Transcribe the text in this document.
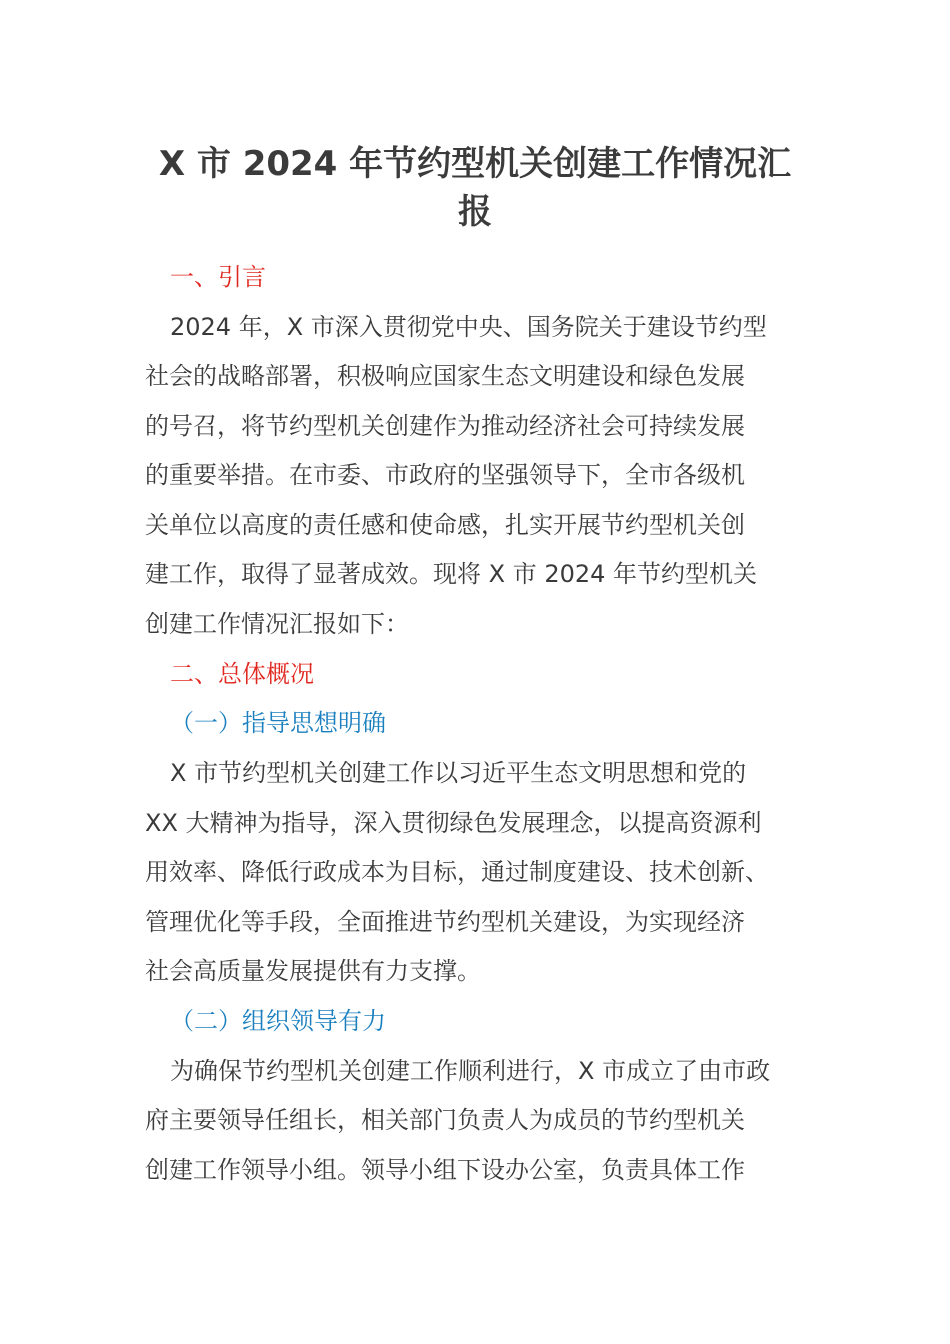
X 市 2024 年节约型机关创建工作情况汇
报
一、引言
2024 年，X 市深入贯彻党中央、国务院关于建设节约型
社会的战略部署，积极响应国家生态文明建设和绿色发展
的号召，将节约型机关创建作为推动经济社会可持续发展
的重要举措。在市委、市政府的坚强领导下，全市各级机
关单位以高度的责任感和使命感，扎实开展节约型机关创
建工作，取得了显著成效。现将 X 市 2024 年节约型机关
创建工作情况汇报如下：
二、总体概况
（一）指导思想明确
X 市节约型机关创建工作以习近平生态文明思想和党的
XX 大精神为指导，深入贯彻绿色发展理念，以提高资源利
用效率、降低行政成本为目标，通过制度建设、技术创新、
管理优化等手段，全面推进节约型机关建设，为实现经济
社会高质量发展提供有力支撑。
（二）组织领导有力
为确保节约型机关创建工作顺利进行，X 市成立了由市政
府主要领导任组长，相关部门负责人为成员的节约型机关
创建工作领导小组。领导小组下设办公室，负责具体工作
